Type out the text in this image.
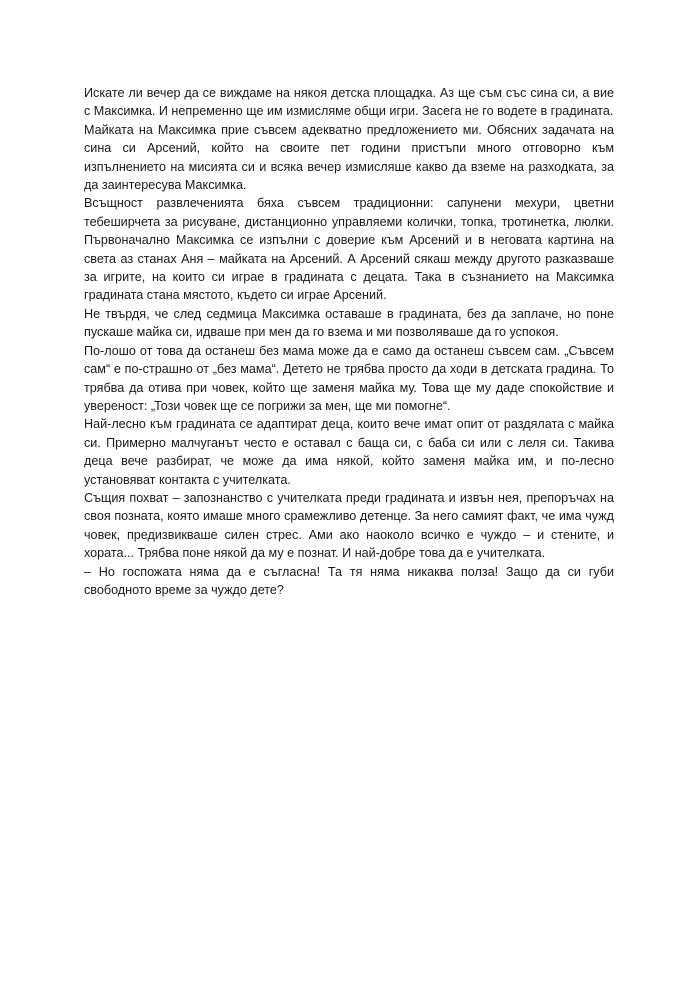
Искате ли вечер да се виждаме на някоя детска площадка. Аз ще съм със сина си, а вие с Максимка. И непременно ще им измисляме общи игри. Засега не го водете в градината.

Майката на Максимка прие съвсем адекватно предложението ми. Обясних задачата на сина си Арсений, който на своите пет години пристъпи много отговорно към изпълнението на мисията си и всяка вечер измисляше какво да вземе на разходката, за да заинтересува Максимка.

Всъщност развлеченията бяха съвсем традиционни: сапунени мехури, цветни тебеширчета за рисуване, дистанционно управляеми колички, топка, тротинетка, люлки. Първоначално Максимка се изпълни с доверие към Арсений и в неговата картина на света аз станах Аня – майката на Арсений. А Арсений сякаш между другото разказваше за игрите, на които си играе в градината с децата. Така в съзнанието на Максимка градината стана мястото, където си играе Арсений.

Не твърдя, че след седмица Максимка оставаше в градината, без да заплаче, но поне пускаше майка си, идваше при мен да го взема и ми позволяваше да го успокоя.

По-лошо от това да останеш без мама може да е само да останеш съвсем сам. „Съвсем сам“ е по-страшно от „без мама“. Детето не трябва просто да ходи в детската градина. То трябва да отива при човек, който ще заменя майка му. Това ще му даде спокойствие и увереност: „Този човек ще се погрижи за мен, ще ми помогне“.

Най-лесно към градината се адаптират деца, които вече имат опит от раздялата с майка си. Примерно малчуганът често е оставал с баща си, с баба си или с леля си. Такива деца вече разбират, че може да има някой, който заменя майка им, и по-лесно установяват контакта с учителката.

Същия похват – запознанство с учителката преди градината и извън нея, препоръчах на своя позната, която имаше много срамежливо детенце. За него самият факт, че има чужд човек, предизвикваше силен стрес. Ами ако наоколо всичко е чуждо – и стените, и хората... Трябва поне някой да му е познат. И най-добре това да е учителката.

– Но госпожата няма да е съгласна! Та тя няма никаква полза! Защо да си губи свободното време за чуждо дете?
